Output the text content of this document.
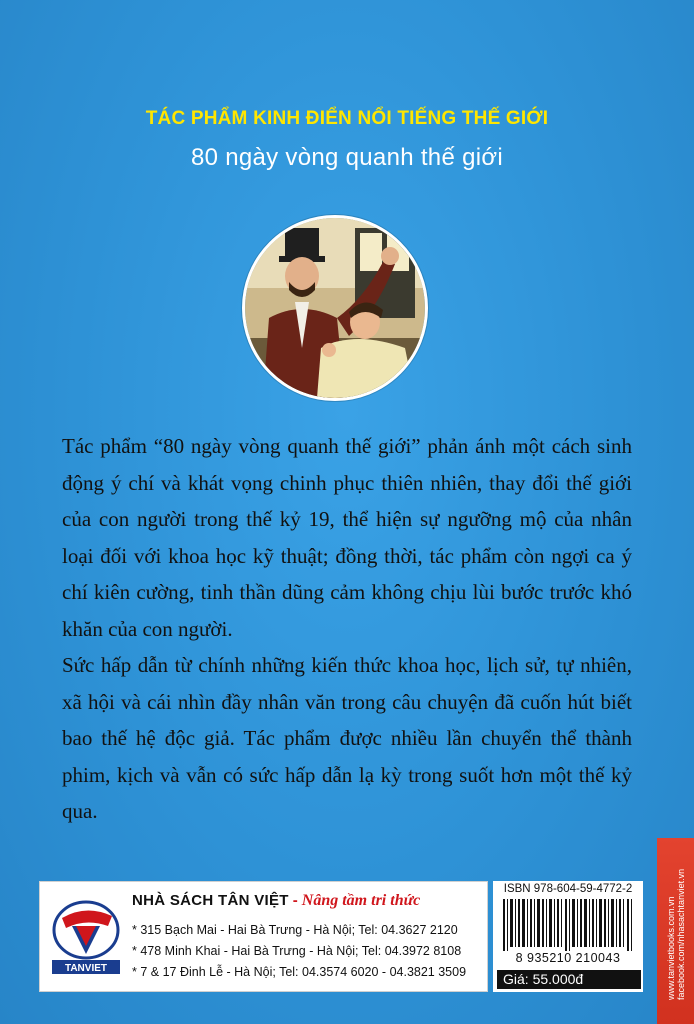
TÁC PHẨM KINH ĐIỂN NỔI TIẾNG THẾ GIỚI
80 ngày vòng quanh thế giới

Tác phẩm “80 ngày vòng quanh thế giới” phản ánh một cách sinh động ý chí và khát vọng chinh phục thiên nhiên, thay đổi thế giới của con người trong thế kỷ 19, thể hiện sự ngưỡng mộ của nhân loại đối với khoa học kỹ thuật; đồng thời, tác phẩm còn ngợi ca ý chí kiên cường, tinh thần dũng cảm không chịu lùi bước trước khó khăn của con người.

Sức hấp dẫn từ chính những kiến thức khoa học, lịch sử, tự nhiên, xã hội và cái nhìn đầy nhân văn trong câu chuyện đã cuốn hút biết bao thế hệ độc giả. Tác phẩm được nhiều lần chuyển thể thành phim, kịch và vẫn có sức hấp dẫn lạ kỳ trong suốt hơn một thế kỷ qua.

TANVIET
NHÀ SÁCH TÂN VIỆT - Nâng tầm tri thức
* 315 Bạch Mai - Hai Bà Trưng - Hà Nội; Tel: 04.3627 2120
* 478 Minh Khai - Hai Bà Trưng - Hà Nội; Tel: 04.3972 8108
* 7 & 17 Đinh Lễ - Hà Nội; Tel: 04.3574 6020 - 04.3821 3509
ISBN 978-604-59-4772-2
8 935210 210043
Giá: 55.000đ	www.tanvietbooks.com.vn facebook.com/nhasachtanviet.vn
